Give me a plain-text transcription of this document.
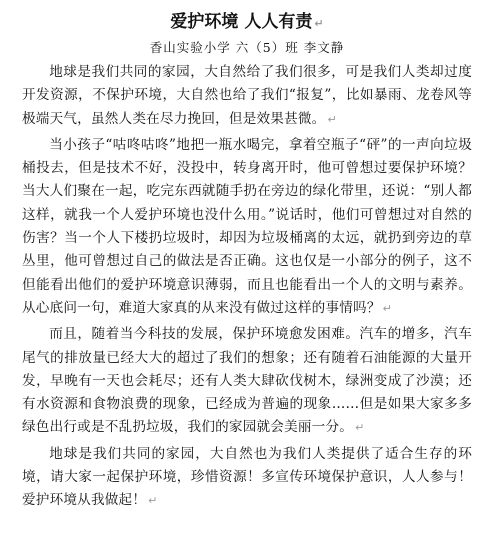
爱护环境 人人有责 ↵
香山实验小学 六（5）班 李文静

地球是我们共同的家园，大自然给了我们很多，可是我们人类却过度开发资源，不保护环境，大自然也给了我们“报复”，比如暴雨、龙卷风等极端天气，虽然人类在尽力挽回，但是效果甚微。 ↵

当小孩子“咕咚咕咚”地把一瓶水喝完，拿着空瓶子“砰”的一声向垃圾桶投去，但是技术不好，没投中，转身离开时，他可曾想过要保护环境？当大人们聚在一起，吃完东西就随手扔在旁边的绿化带里，还说：“别人都这样，就我一个人爱护环境也没什么用。”说话时，他们可曾想过对自然的伤害？当一个人下楼扔垃圾时，却因为垃圾桶离的太远，就扔到旁边的草丛里，他可曾想过自己的做法是否正确。这也仅是一小部分的例子，这不但能看出他们的爱护环境意识薄弱，而且也能看出一个人的文明与素养。从心底问一句，难道大家真的从来没有做过这样的事情吗？ ↵

而且，随着当今科技的发展，保护环境愈发困难。汽车的增多，汽车尾气的排放量已经大大的超过了我们的想象；还有随着石油能源的大量开发，早晚有一天也会耗尽；还有人类大肆砍伐树木，绿洲变成了沙漠；还有水资源和食物浪费的现象，已经成为普遍的现象……但是如果大家多多绿色出行或是不乱扔垃圾，我们的家园就会美丽一分。 ↵

地球是我们共同的家园，大自然也为我们人类提供了适合生存的环境，请大家一起保护环境，珍惜资源！多宣传环境保护意识，人人参与！爱护环境从我做起！ ↵
